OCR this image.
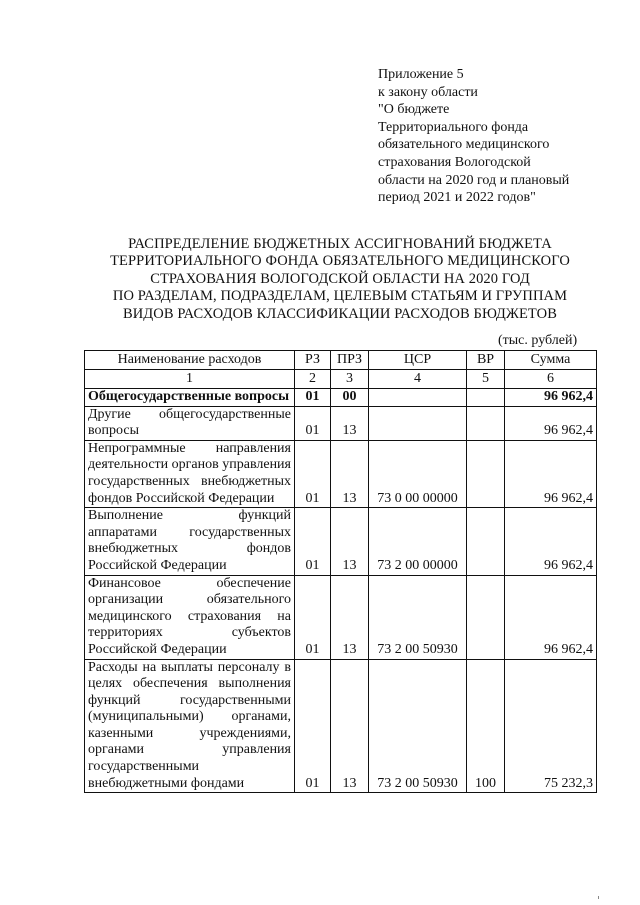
Приложение 5
к закону области
"О бюджете
Территориального фонда
обязательного медицинского
страхования Вологодской
области на 2020 год и плановый
период 2021 и 2022 годов"
РАСПРЕДЕЛЕНИЕ БЮДЖЕТНЫХ АССИГНОВАНИЙ БЮДЖЕТА
ТЕРРИТОРИАЛЬНОГО ФОНДА ОБЯЗАТЕЛЬНОГО МЕДИЦИНСКОГО
СТРАХОВАНИЯ ВОЛОГОДСКОЙ ОБЛАСТИ НА 2020 ГОД
ПО РАЗДЕЛАМ, ПОДРАЗДЕЛАМ, ЦЕЛЕВЫМ СТАТЬЯМ И ГРУППАМ
ВИДОВ РАСХОДОВ КЛАССИФИКАЦИИ РАСХОДОВ БЮДЖЕТОВ
(тыс. рублей)
Наименование расходов	РЗ	ПРЗ	ЦСР	ВР	Сумма
1	2	3	4	5	6
Общегосударственные вопросы	01	00			96 962,4
Другие общегосударственные вопросы	01	13			96 962,4
Непрограммные направления деятельности органов управления государственных внебюджетных фондов Российской Федерации	01	13	73 0 00 00000		96 962,4
Выполнение функций аппаратами государственных внебюджетных фондов Российской Федерации	01	13	73 2 00 00000		96 962,4
Финансовое обеспечение организации обязательного медицинского страхования на территориях субъектов Российской Федерации	01	13	73 2 00 50930		96 962,4
Расходы на выплаты персоналу в целях обеспечения выполнения функций государственными (муниципальными) органами, казенными учреждениями, органами управления государственными внебюджетными фондами	01	13	73 2 00 50930	100	75 232,3
